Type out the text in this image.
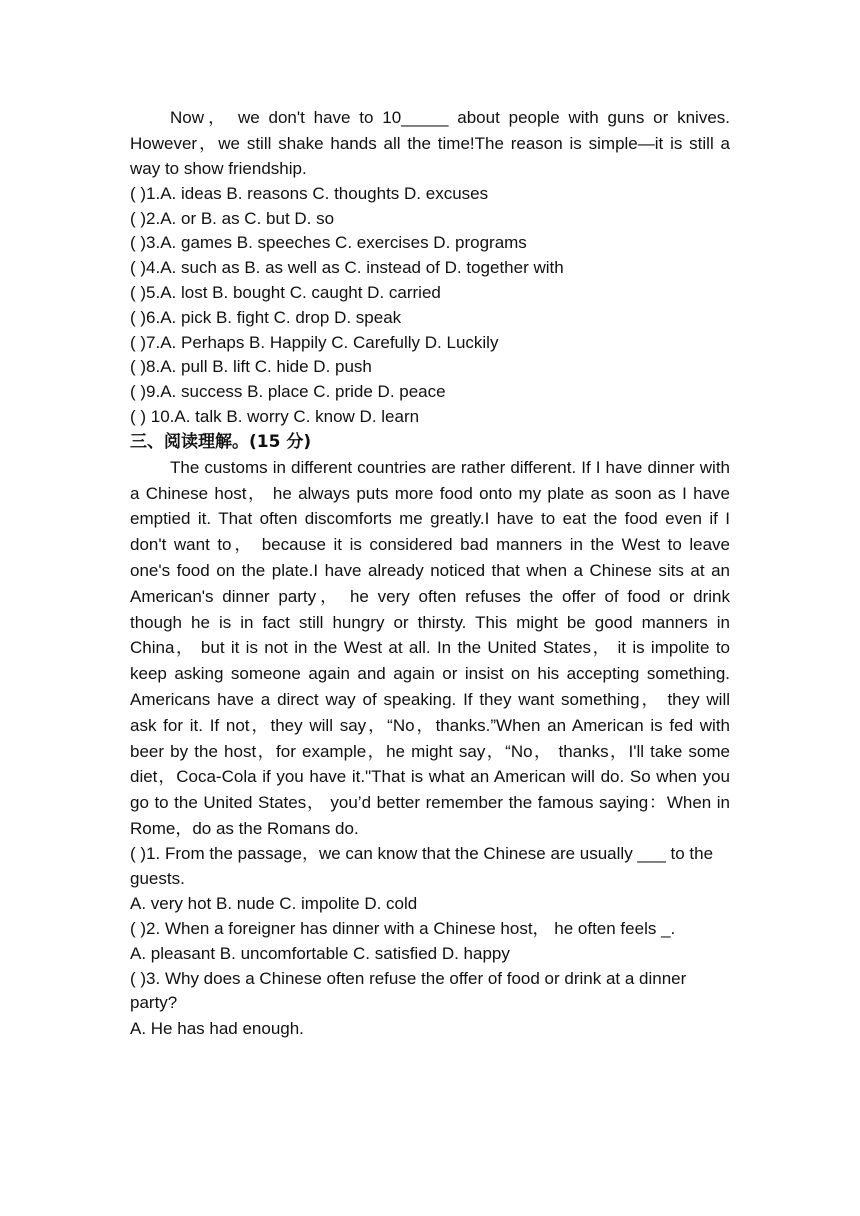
Now， we don't have to 10_____ about people with guns or knives. However，we still shake hands all the time!The reason is simple—it is still a way to show friendship.

( )1.A. ideas B. reasons C. thoughts D. excuses

( )2.A. or B. as C. but D. so

( )3.A. games B. speeches C. exercises D. programs

( )4.A. such as B. as well as C. instead of D. together with

( )5.A. lost B. bought C. caught D. carried

( )6.A. pick B. fight C. drop D. speak

( )7.A. Perhaps B. Happily C. Carefully D. Luckily

( )8.A. pull B. lift C. hide D. push

( )9.A. success B. place C. pride D. peace

( ) 10.A. talk B. worry C. know D. learn

三、阅读理解。(15 分)

The customs in different countries are rather different. If I have dinner with a Chinese host， he always puts more food onto my plate as soon as I have emptied it. That often discomforts me greatly.I have to eat the food even if I don't want to， because it is considered bad manners in the West to leave one's food on the plate.I have already noticed that when a Chinese sits at an American's dinner party， he very often refuses the offer of food or drink though he is in fact still hungry or thirsty. This might be good manners in China， but it is not in the West at all. In the United States， it is impolite to keep asking someone again and again or insist on his accepting something. Americans have a direct way of speaking. If they want something， they will ask for it. If not，they will say，“No，thanks.”When an American is fed with beer by the host，for example，he might say，“No， thanks，I'll take some diet，Coca-Cola if you have it."That is what an American will do. So when you go to the United States， you’d better remember the famous saying：When in Rome，do as the Romans do.

( )1. From the passage，we can know that the Chinese are usually ___ to the guests.

A. very hot B. nude C. impolite D. cold

( )2. When a foreigner has dinner with a Chinese host， he often feels _.

A. pleasant B. uncomfortable C. satisfied D. happy

( )3. Why does a Chinese often refuse the offer of food or drink at a dinner party?

A. He has had enough.
